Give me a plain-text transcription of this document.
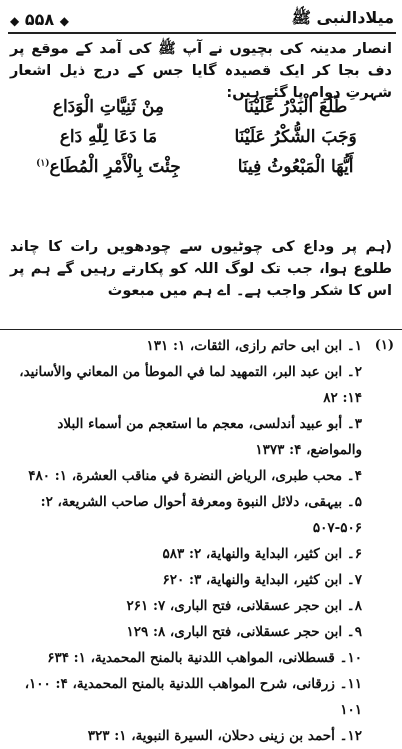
◆ ۵۵۸ ◆	میلادالنبی ﷺ
انصار مدینہ کی بچیوں نے آپ ﷺ کی آمد کے موقع پر دف بجا کر ایک قصیدہ گایا جس کے درج ذیل اشعار شہرتِ دوام پا گئے ہیں:
طَلَعَ الْبَدْرُ عَلَيْنَا
مِنْ ثَنِيَّاتِ الْوَدَاع
وَجَبَ الشُّكْرُ عَلَيْنَا
مَا دَعَا لِلّٰهِ دَاع
أَيُّهَا الْمَبْعُوثُ فِينَا
جِئْتَ بِالْأَمْرِ الْمُطَاع$^{(۱)}$
(ہم پر وداع کی چوٹیوں سے چودھویں رات کا چاند طلوع ہوا، جب تک لوگ اللہ کو پکارتے رہیں گے ہم پر اس کا شکر واجب ہے۔ اے ہم میں مبعوث
(۱)
۱۔ ابن ابی حاتم رازی، الثقات، ۱: ۱۳۱
۲۔ ابن عبد البر، التمهيد لما في الموطأ من المعاني والأسانيد، ۱۴: ۸۲
۳۔ أبو عبيد أندلسی، معجم ما استعجم من أسماء البلاد والمواضع، ۴: ۱۳۷۳
۴۔ محب طبری، الرياض النضرة في مناقب العشرة، ۱: ۴۸۰
۵۔ بیہقی، دلائل النبوة ومعرفة أحوال صاحب الشريعة، ۲: ۵۰۶-۵۰۷
۶۔ ابن كثير، البداية والنهاية، ۲: ۵۸۳
۷۔ ابن كثير، البداية والنهاية، ۳: ۶۲۰
۸۔ ابن حجر عسقلانی، فتح الباری، ۷: ۲۶۱
۹۔ ابن حجر عسقلانی، فتح الباری، ۸: ۱۲۹
۱۰۔ قسطلانی، المواهب اللدنية بالمنح المحمدية، ۱: ۶۳۴
۱۱۔ زرقانی، شرح المواهب اللدنية بالمنح المحمدية، ۴: ۱۰۰، ۱۰۱
۱۲۔ أحمد بن زینی دحلان، السيرة النبوية، ۱: ۳۲۳
